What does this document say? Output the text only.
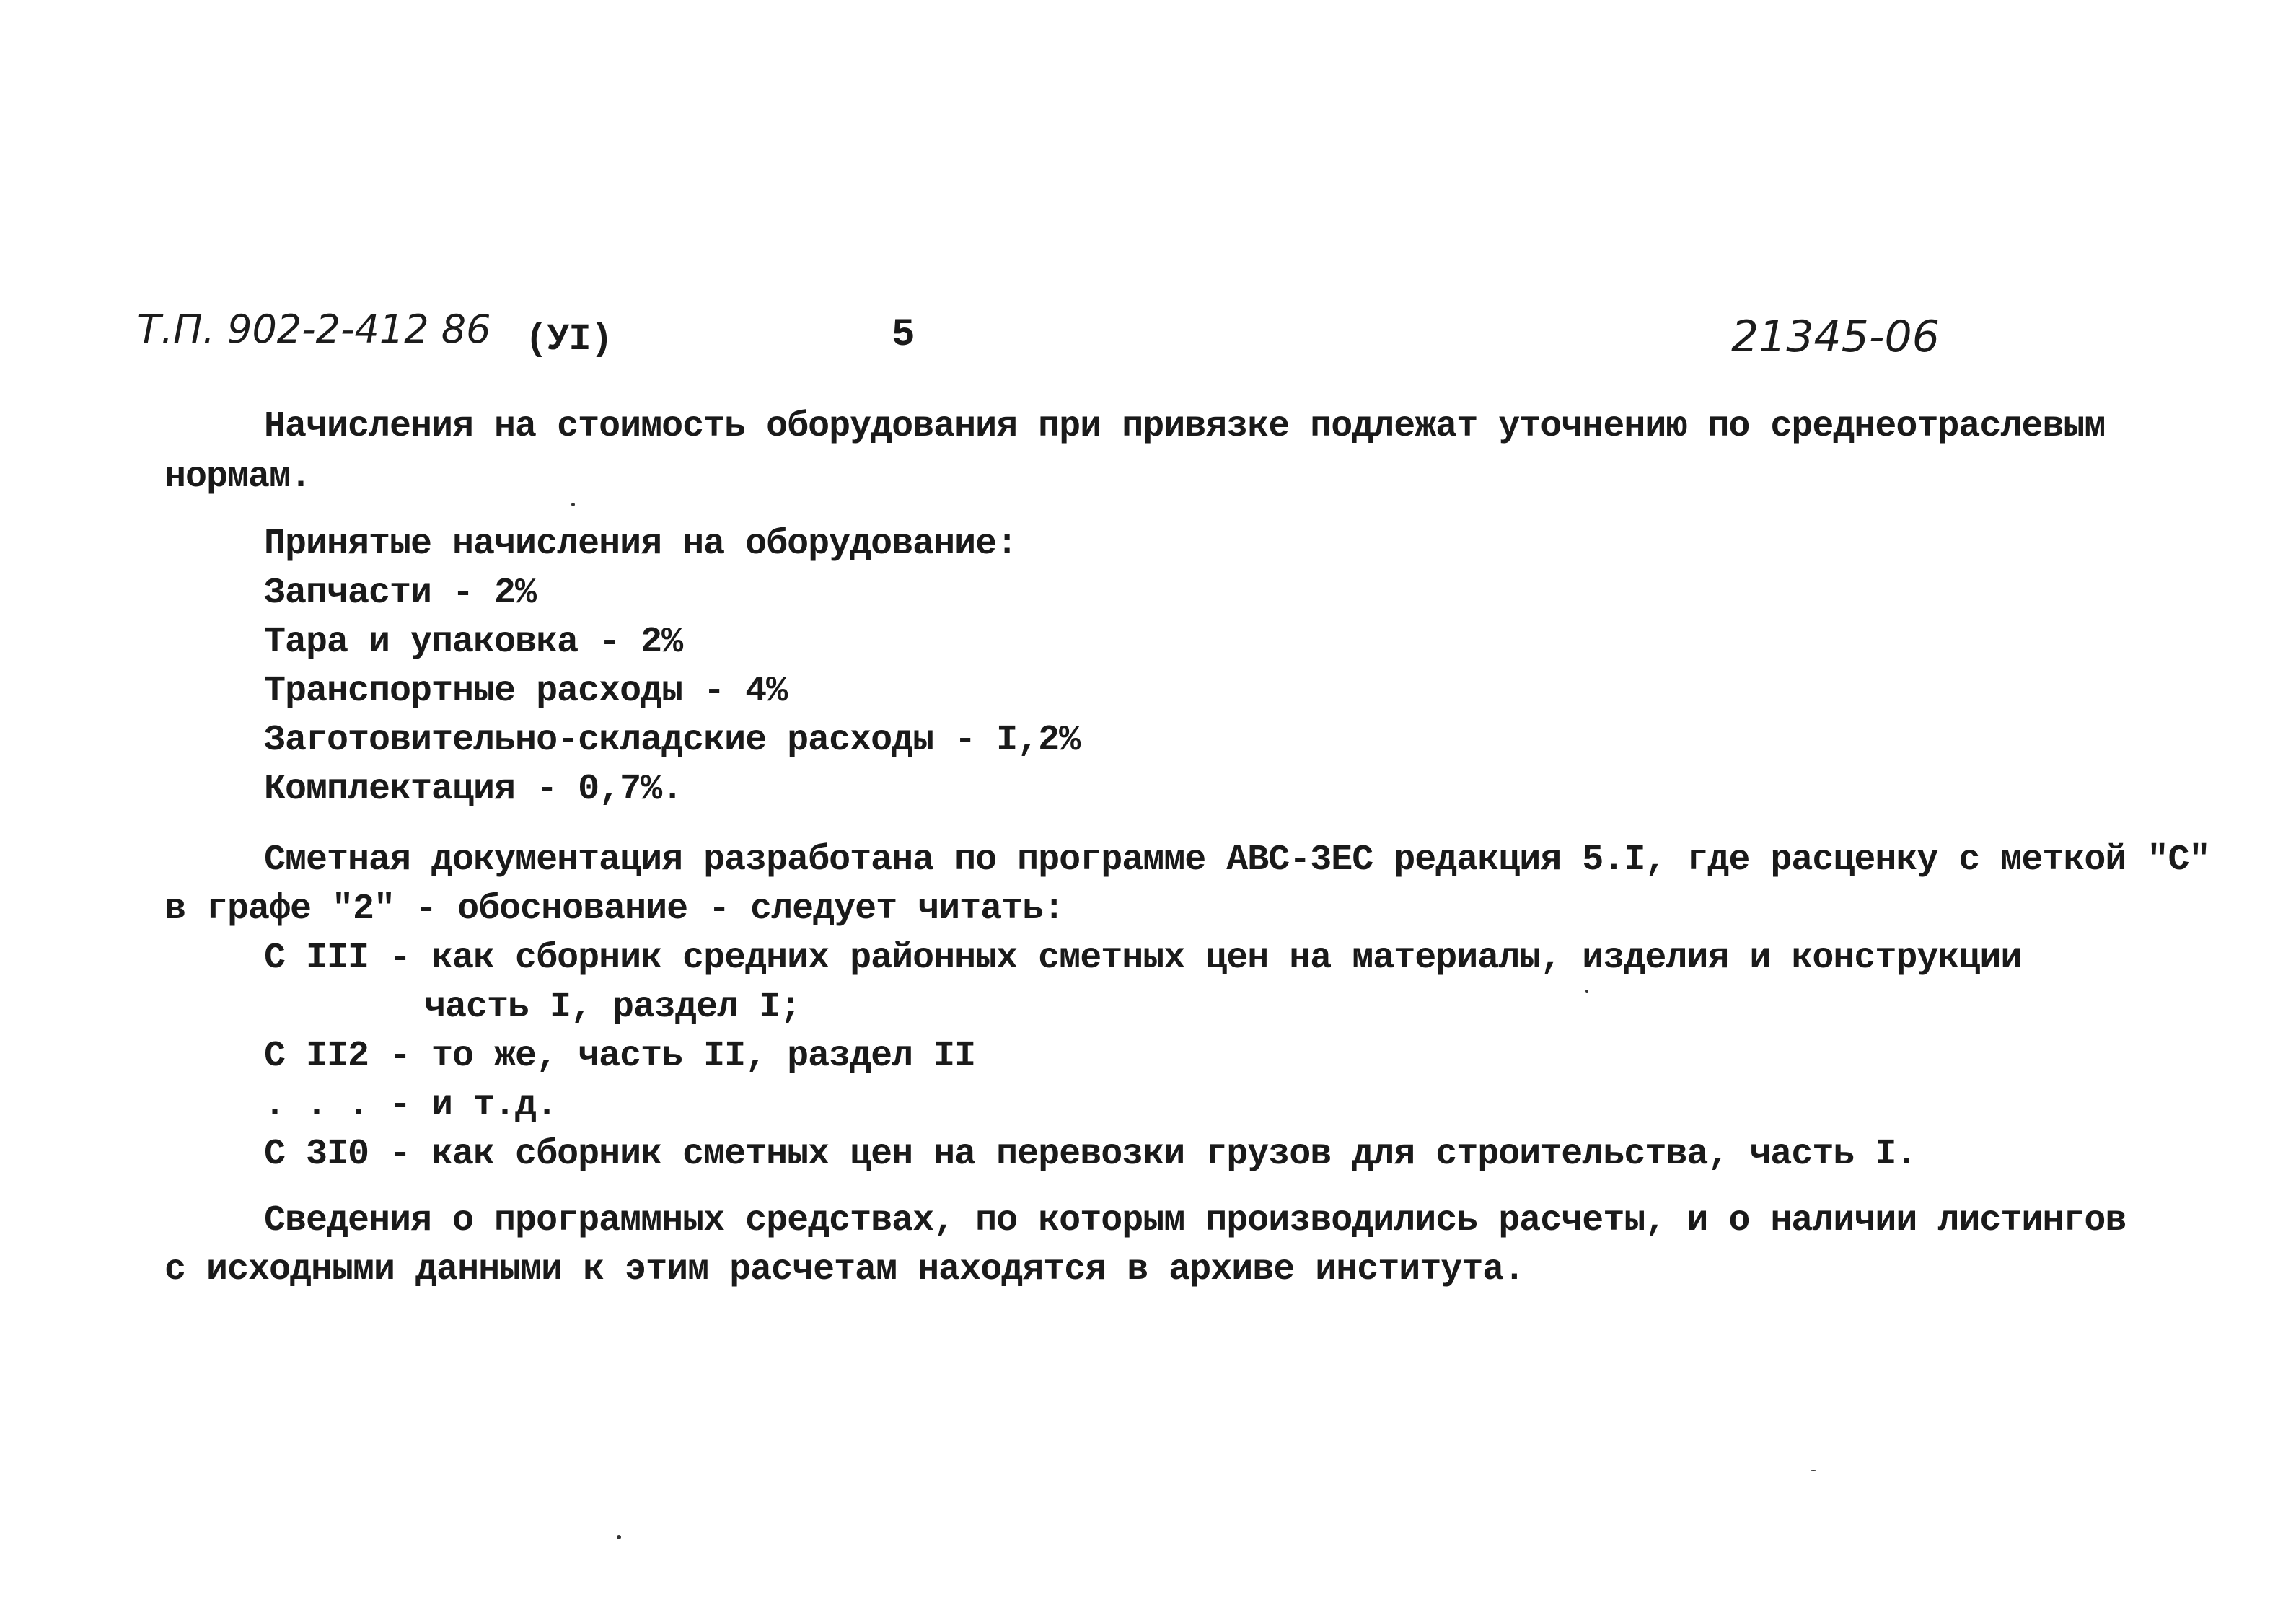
Т.П. 902-2-412 86 (УI)	5	21345-06
Начисления на стоимость оборудования при привязке подлежат уточнению по среднеотраслевым
нормам.
Принятые начисления на оборудование:
Запчасти - 2%
Тара и упаковка - 2%
Транспортные расходы - 4%
Заготовительно-складские расходы - I,2%
Комплектация - 0,7%.
Сметная документация разработана по программе АВС-3ЕС редакция 5.I, где расценку с меткой "С"
в графе "2" - обоснование - следует читать:
С III - как сборник средних районных сметных цен на материалы, изделия и конструкции
часть I, раздел I;
С II2 - то же, часть II, раздел II
. . . - и т.д.
С 3I0 - как сборник сметных цен на перевозки грузов для строительства, часть I.
Сведения о программных средствах, по которым производились расчеты, и о наличии листингов
с исходными данными к этим расчетам находятся в архиве института.
